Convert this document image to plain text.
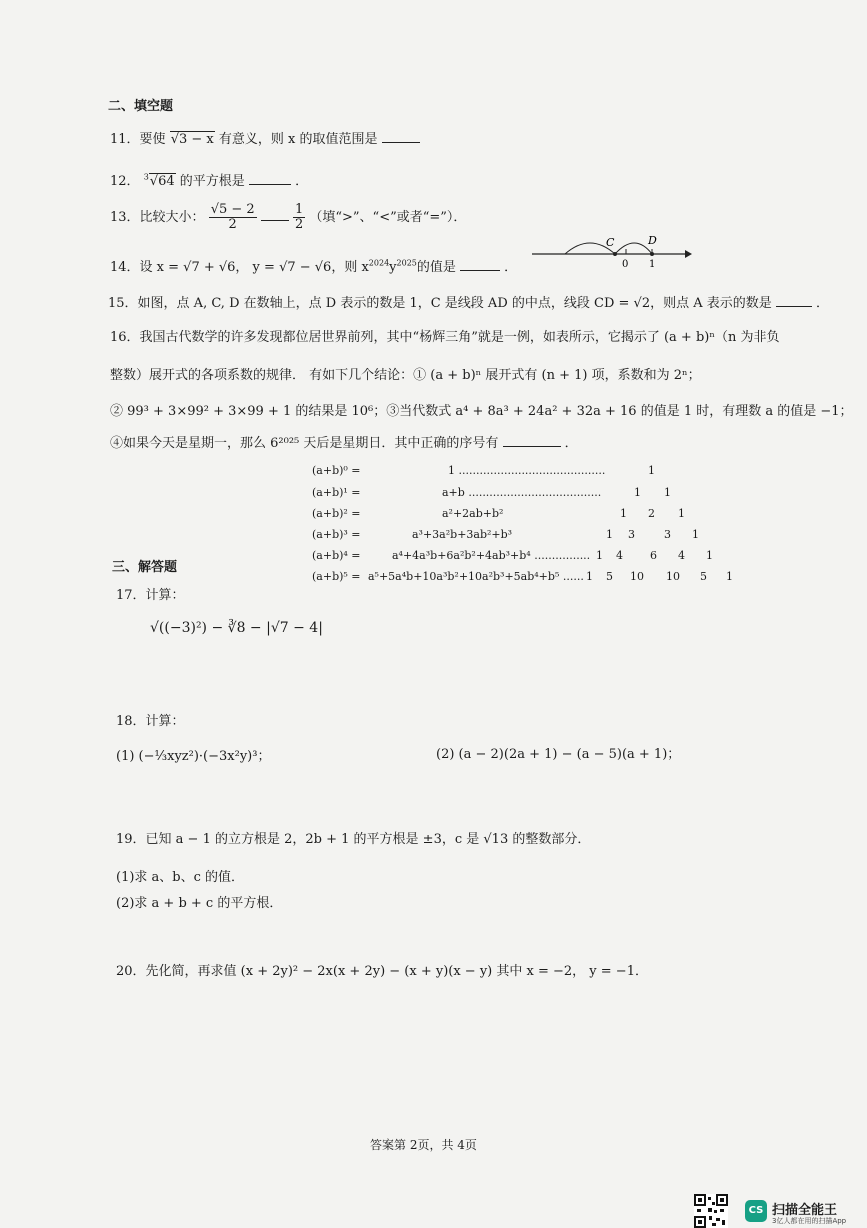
二、填空题
11．要使 √3 − x 有意义，则 x 的取值范围是
12． $^3$√64 的平方根是	．
13．比较大小： $\frac{√5 - 2}{2}$
	$\frac{1}{2}$ （填“>”、“<”或者“=”）．
14．设 x = √7 + √6， y = √7 − √6，则 $x^{2024}y^{2025}$的值是	．
C	D
0 1
15．如图，点 A, C, D 在数轴上，点 D 表示的数是 1，C 是线段 AD 的中点，线段 CD = √2，则点 A 表示的数是	．
16．我国古代数学的许多发现都位居世界前列，其中“杨辉三角”就是一例，如表所示，它揭示了 (a + b)ⁿ（n 为非负
整数）展开式的各项系数的规律． 有如下几个结论：① (a + b)ⁿ 展开式有 (n + 1) 项，系数和为 2ⁿ；
② 99³ + 3×99² + 3×99 + 1 的结果是 10⁶；③当代数式 a⁴ + 8a³ + 24a² + 32a + 16 的值是 1 时，有理数 a 的值是 −1；
④如果今天是星期一，那么 6²⁰²⁵ 天后是星期日．其中正确的序号有	．
(a+b)⁰ =	1 ..........................................	1
(a+b)¹ =	a+b ......................................	1 1
(a+b)² =	a²+2ab+b²	1 2 1
(a+b)³ =	a³+3a²b+3ab²+b³	1 3	3 1
(a+b)⁴ =	a⁴+4a³b+6a²b²+4ab³+b⁴ ................ 1 4 6 4 1
(a+b)⁵ = a⁵+5a⁴b+10a³b²+10a²b³+5ab⁴+b⁵ ...... 1 5 10 10 5 1
三、解答题
17．计算：
√((−3)²) − ∛8 − |√7 − 4|
18．计算：
(1) (−⅓xyz²)·(−3x²y)³；	(2) (a − 2)(2a + 1) − (a − 5)(a + 1)；
19．已知 a − 1 的立方根是 2，2b + 1 的平方根是 ±3，c 是 √13 的整数部分．
(1)求 a、b、c 的值．
(2)求 a + b + c 的平方根．
20．先化简，再求值 (x + 2y)² − 2x(x + 2y) − (x + y)(x − y) 其中 x = −2， y = −1．
答案第 2页，共 4页
CS 扫描全能王
3亿人都在用的扫描App
